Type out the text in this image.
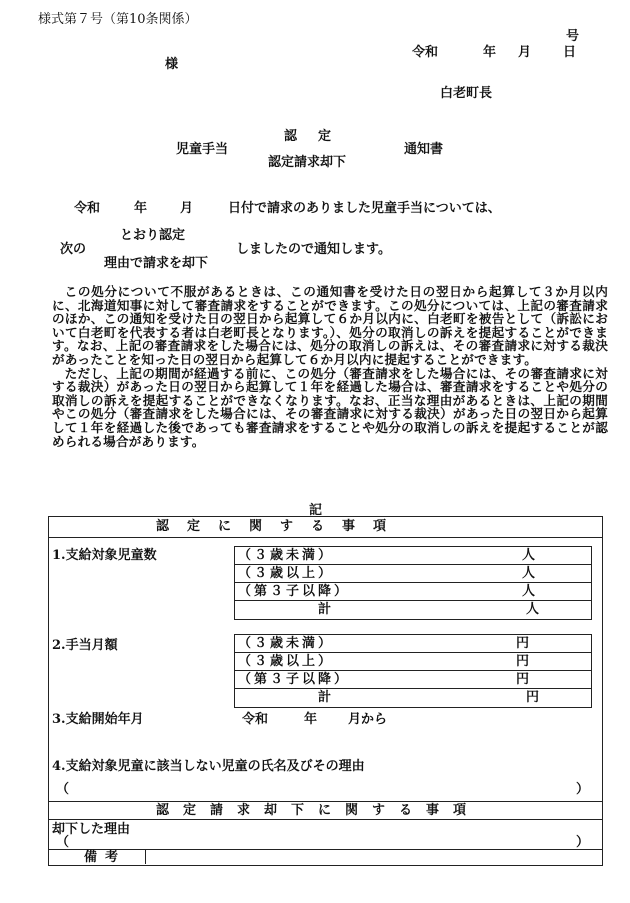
様式第７号（第10条関係）
号
令和	年 月 日
様
白老町長
認　定
児童手当	通知書
認定請求却下
令和	年	月	日付で請求のありました児童手当については、
とおり認定
次の	しましたので通知します。
理由で請求を却下

この処分について不服があるときは、この通知書を受けた日の翌日から起算して３か月以内に、北海道知事に対して審査請求をすることができます。この処分については、上記の審査請求のほか、この通知を受けた日の翌日から起算して６か月以内に、白老町を被告として（訴訟において白老町を代表する者は白老町長となります。）、処分の取消しの訴えを提起することができます。なお、上記の審査請求をした場合には、処分の取消しの訴えは、その審査請求に対する裁決があったことを知った日の翌日から起算して６か月以内に提起することができます。

ただし、上記の期間が経過する前に、この処分（審査請求をした場合には、その審査請求に対する裁決）があった日の翌日から起算して１年を経過した場合は、審査請求をすることや処分の取消しの訴えを提起することができなくなります。なお、正当な理由があるときは、上記の期間やこの処分（審査請求をした場合には、その審査請求に対する裁決）があった日の翌日から起算して１年を経過した後であっても審査請求をすることや処分の取消しの訴えを提起することが認められる場合があります。

記
認定に関する事項
1.支給対象児童数	（３歳未満）	人
（３歳以上）	人
（第３子以降）	人
計	人
2.手当月額	（３歳未満）	円
（３歳以上）	円
（第３子以降）	円
計	円
3.支給開始年月	令和	年 月から
4.支給対象児童に該当しない児童の氏名及びその理由
（	）
認定請求却下に関する事項
却下した理由
（	）
備考
